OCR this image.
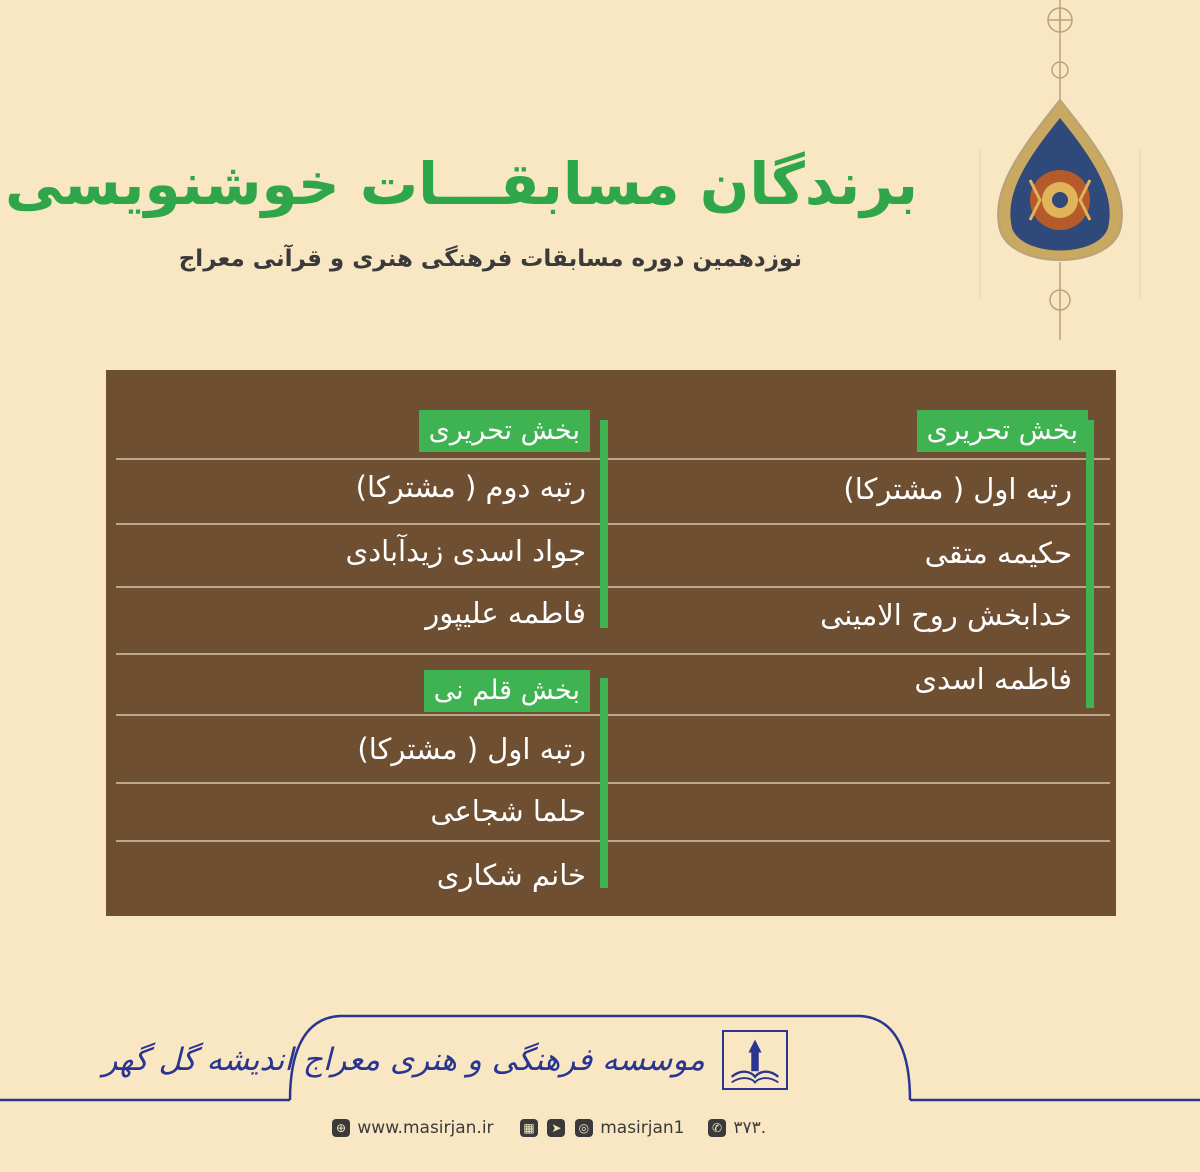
برندگان مسابقـــات خوشنویسی
نوزدهمین دوره مسابقات فرهنگی هنری و قرآنی معراج
بخش تحریری
رتبه اول ( مشترکا)
حکیمه متقی
خدابخش روح الامینی
فاطمه اسدی
بخش تحریری
رتبه دوم ( مشترکا)
جواد اسدی زیدآبادی
فاطمه علیپور
بخش قلم نی
رتبه اول ( مشترکا)
حلما شجاعی
خانم شکاری
موسسه فرهنگی و هنری معراج اندیشه گل گهر
⊕ www.masirjan.ir	▦ ➤ ◎ masirjan1	✆ ۳۷۳.
